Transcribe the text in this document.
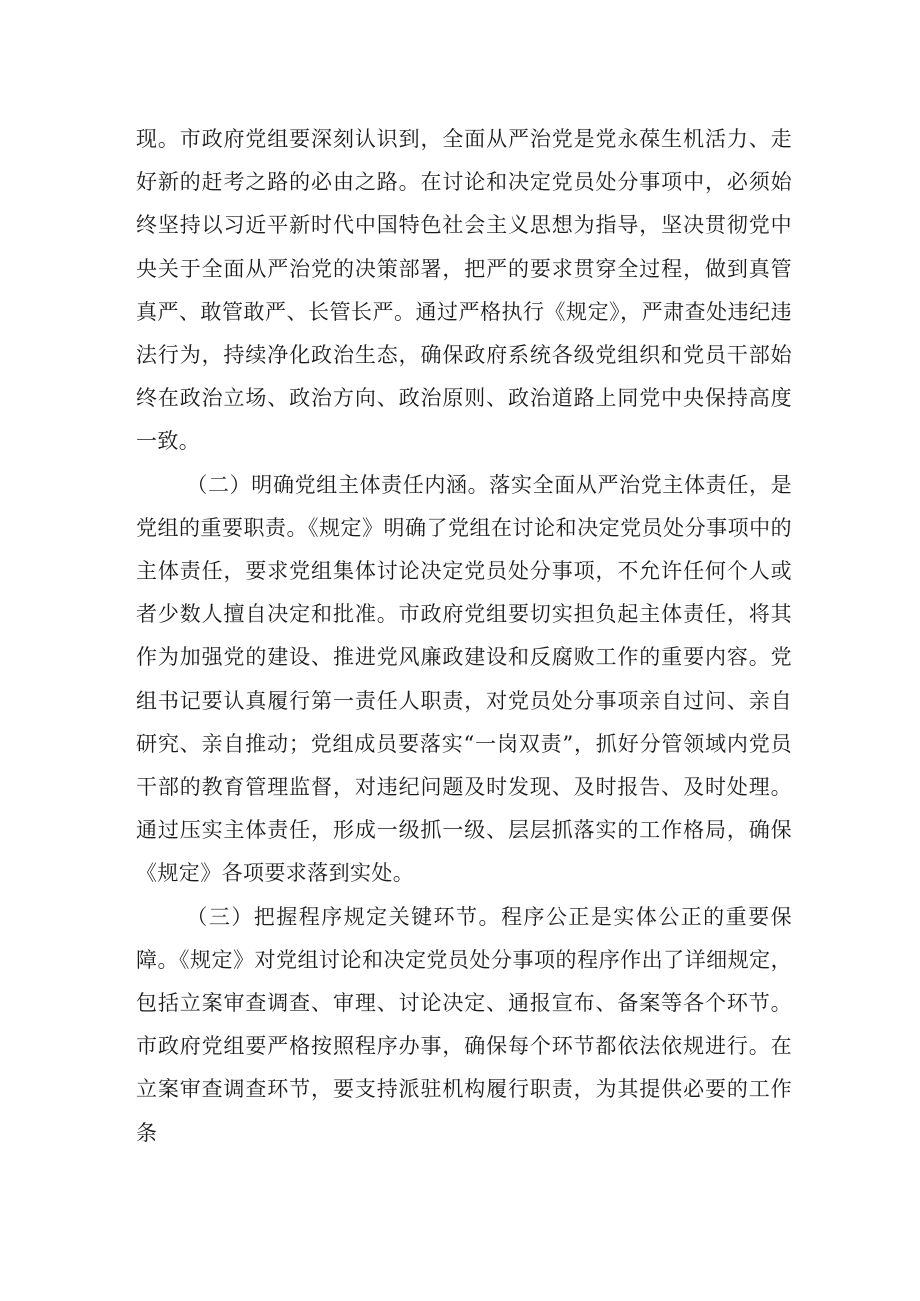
现。市政府党组要深刻认识到，全面从严治党是党永葆生机活力、走好新的赶考之路的必由之路。在讨论和决定党员处分事项中，必须始终坚持以习近平新时代中国特色社会主义思想为指导，坚决贯彻党中央关于全面从严治党的决策部署，把严的要求贯穿全过程，做到真管真严、敢管敢严、长管长严。通过严格执行《规定》，严肃查处违纪违法行为，持续净化政治生态，确保政府系统各级党组织和党员干部始终在政治立场、政治方向、政治原则、政治道路上同党中央保持高度一致。

（二）明确党组主体责任内涵。落实全面从严治党主体责任，是党组的重要职责。《规定》明确了党组在讨论和决定党员处分事项中的主体责任，要求党组集体讨论决定党员处分事项，不允许任何个人或者少数人擅自决定和批准。市政府党组要切实担负起主体责任，将其作为加强党的建设、推进党风廉政建设和反腐败工作的重要内容。党组书记要认真履行第一责任人职责，对党员处分事项亲自过问、亲自研究、亲自推动；党组成员要落实“一岗双责”，抓好分管领域内党员干部的教育管理监督，对违纪问题及时发现、及时报告、及时处理。通过压实主体责任，形成一级抓一级、层层抓落实的工作格局，确保《规定》各项要求落到实处。

（三）把握程序规定关键环节。程序公正是实体公正的重要保障。《规定》对党组讨论和决定党员处分事项的程序作出了详细规定，包括立案审查调查、审理、讨论决定、通报宣布、备案等各个环节。市政府党组要严格按照程序办事，确保每个环节都依法依规进行。在立案审查调查环节，要支持派驻机构履行职责，为其提供必要的工作条
